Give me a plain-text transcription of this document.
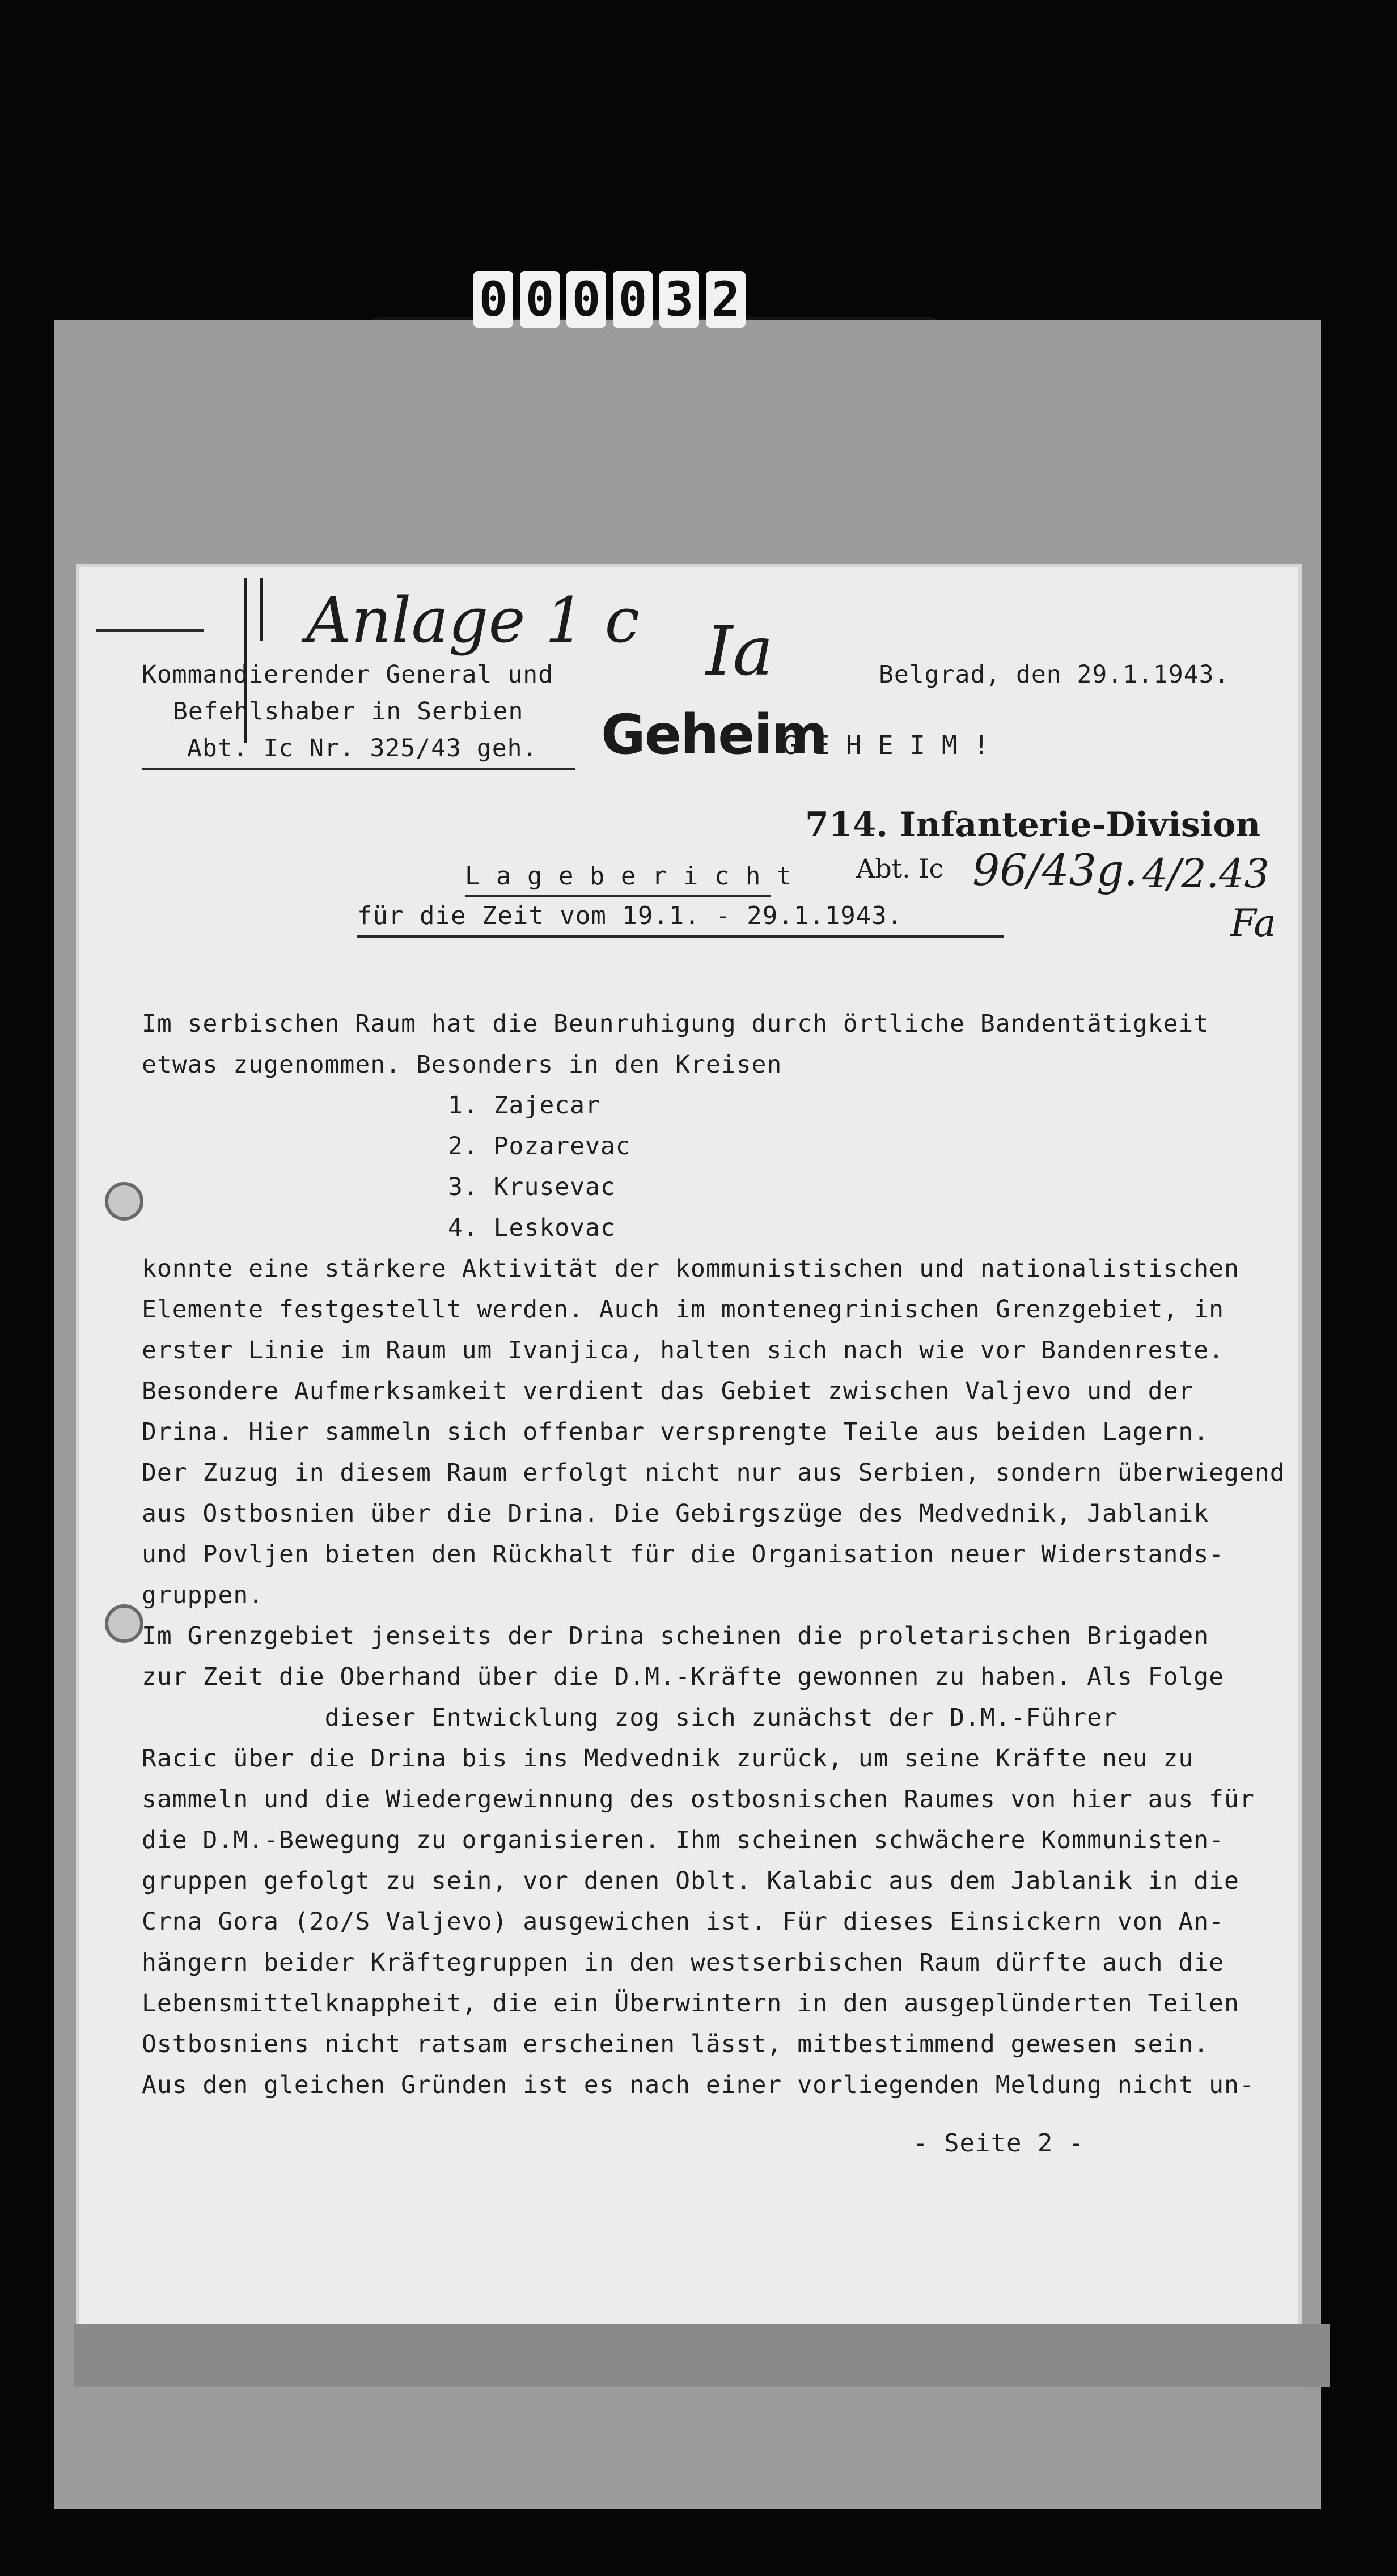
0 0 0 0 3 2
Anlage 1 c Ia
Kommandierender General und
Befehlshaber in Serbien
Abt. Ic Nr. 325/43 geh.
Belgrad, den 29.1.1943.
Geheim
G E H E I M !
714. Infanterie-Division
Abt. Ic 96/43g. 4/2.43
Fa
L a g e b e r i c h t
für die Zeit vom 19.1. - 29.1.1943.
- Seite 2 -
Im serbischen Raum hat die Beunruhigung durch örtliche Bandentätigkeit
etwas zugenommen. Besonders in den Kreisen
1. Zajecar
2. Pozarevac
3. Krusevac
4. Leskovac
konnte eine stärkere Aktivität der kommunistischen und nationalistischen
Elemente festgestellt werden. Auch im montenegrinischen Grenzgebiet, in
erster Linie im Raum um Ivanjica, halten sich nach wie vor Bandenreste.
Besondere Aufmerksamkeit verdient das Gebiet zwischen Valjevo und der
Drina. Hier sammeln sich offenbar versprengte Teile aus beiden Lagern.
Der Zuzug in diesem Raum erfolgt nicht nur aus Serbien, sondern überwiegend
aus Ostbosnien über die Drina. Die Gebirgszüge des Medvednik, Jablanik
und Povljen bieten den Rückhalt für die Organisation neuer Widerstands-
gruppen.
Im Grenzgebiet jenseits der Drina scheinen die proletarischen Brigaden
zur Zeit die Oberhand über die D.M.-Kräfte gewonnen zu haben. Als Folge
dieser Entwicklung zog sich zunächst der D.M.-Führer
Racic über die Drina bis ins Medvednik zurück, um seine Kräfte neu zu
sammeln und die Wiedergewinnung des ostbosnischen Raumes von hier aus für
die D.M.-Bewegung zu organisieren. Ihm scheinen schwächere Kommunisten-
gruppen gefolgt zu sein, vor denen Oblt. Kalabic aus dem Jablanik in die
Crna Gora (2o/S Valjevo) ausgewichen ist. Für dieses Einsickern von An-
hängern beider Kräftegruppen in den westserbischen Raum dürfte auch die
Lebensmittelknappheit, die ein Überwintern in den ausgeplünderten Teilen
Ostbosniens nicht ratsam erscheinen lässt, mitbestimmend gewesen sein.
Aus den gleichen Gründen ist es nach einer vorliegenden Meldung nicht un-
